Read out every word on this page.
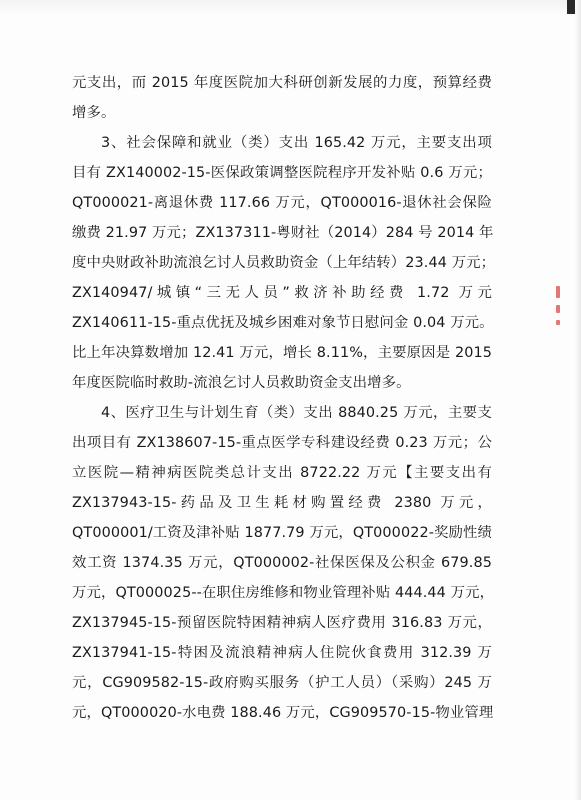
元支出，而 2015 年度医院加大科研创新发展的力度，预算经费
增多。
3、社会保障和就业（类）支出 165.42 万元，主要支出项
目有 ZX140002-15-医保政策调整医院程序开发补贴 0.6 万元；
QT000021-离退休费 117.66 万元，QT000016-退休社会保险
缴费 21.97 万元；ZX137311-粤财社（2014）284 号 2014 年
度中央财政补助流浪乞讨人员救助资金（上年结转）23.44 万元；
ZX140947/城镇“三无人员”救济补助经费 1.72 万元
ZX140611-15-重点优抚及城乡困难对象节日慰问金 0.04 万元。
比上年决算数增加 12.41 万元，增长 8.11%，主要原因是 2015
年度医院临时救助-流浪乞讨人员救助资金支出增多。
4、医疗卫生与计划生育（类）支出 8840.25 万元，主要支
出项目有 ZX138607-15-重点医学专科建设经费 0.23 万元；公
立医院—精神病医院类总计支出 8722.22 万元【主要支出有
ZX137943-15-药品及卫生耗材购置经费 2380 万元，
QT000001/工资及津补贴 1877.79 万元，QT000022-奖励性绩
效工资 1374.35 万元，QT000002-社保医保及公积金 679.85
万元，QT000025--在职住房维修和物业管理补贴 444.44 万元，
ZX137945-15-预留医院特困精神病人医疗费用 316.83 万元，
ZX137941-15-特困及流浪精神病人住院伙食费用 312.39 万
元，CG909582-15-政府购买服务（护工人员）（采购）245 万
元，QT000020-水电费 188.46 万元，CG909570-15-物业管理
